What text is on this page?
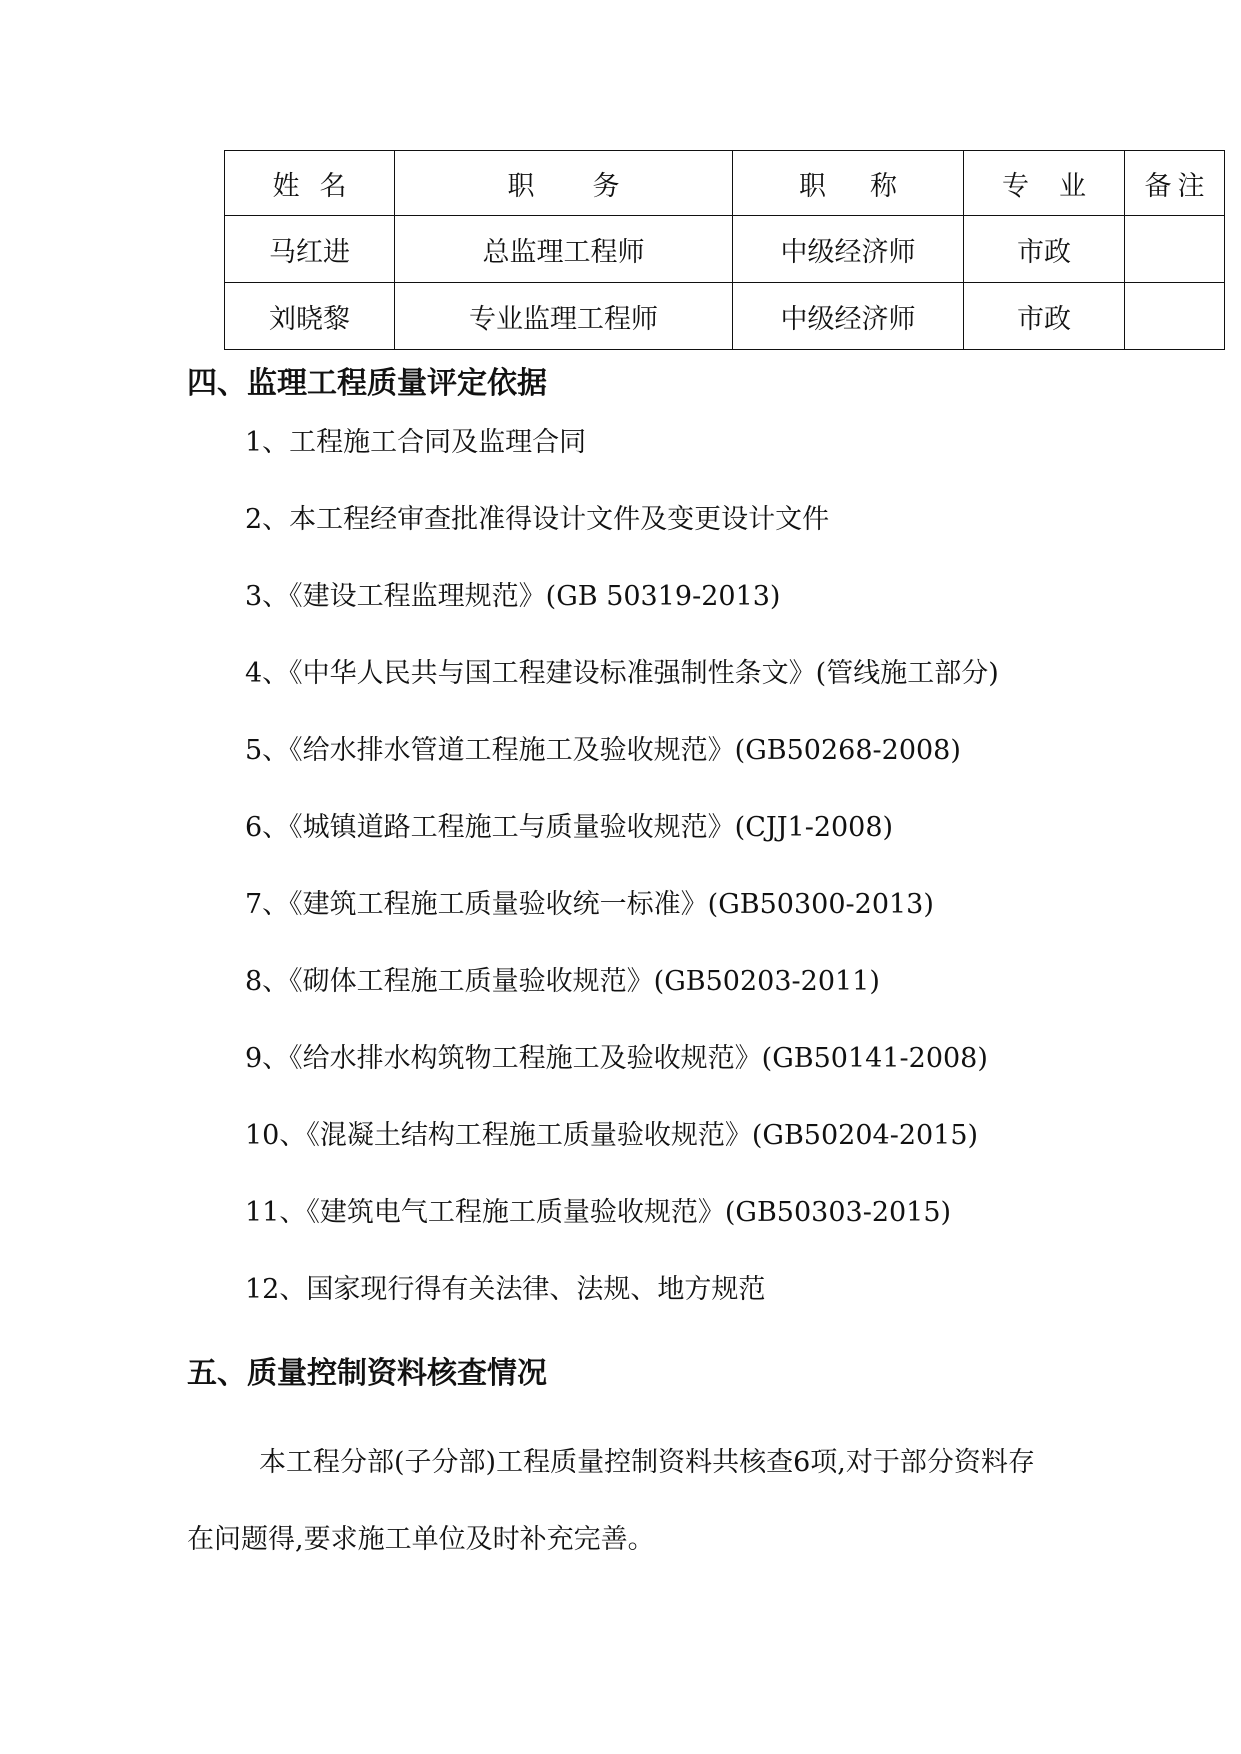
姓名	职务	职称	专业	备注
马红进	总监理工程师	中级经济师	市政	
刘晓黎	专业监理工程师	中级经济师	市政	
四、监理工程质量评定依据
1、工程施工合同及监理合同
2、本工程经审查批准得设计文件及变更设计文件
3、《建设工程监理规范》(GB 50319-2013)
4、《中华人民共与国工程建设标准强制性条文》(管线施工部分)
5、《给水排水管道工程施工及验收规范》(GB50268-2008)
6、《城镇道路工程施工与质量验收规范》(CJJ1-2008)
7、《建筑工程施工质量验收统一标准》(GB50300-2013)
8、《砌体工程施工质量验收规范》(GB50203-2011)
9、《给水排水构筑物工程施工及验收规范》(GB50141-2008)
10、《混凝土结构工程施工质量验收规范》(GB50204-2015)
11、《建筑电气工程施工质量验收规范》(GB50303-2015)
12、国家现行得有关法律、法规、地方规范
五、质量控制资料核查情况

本工程分部(子分部)工程质量控制资料共核查6项,对于部分资料存在问题得,要求施工单位及时补充完善。
